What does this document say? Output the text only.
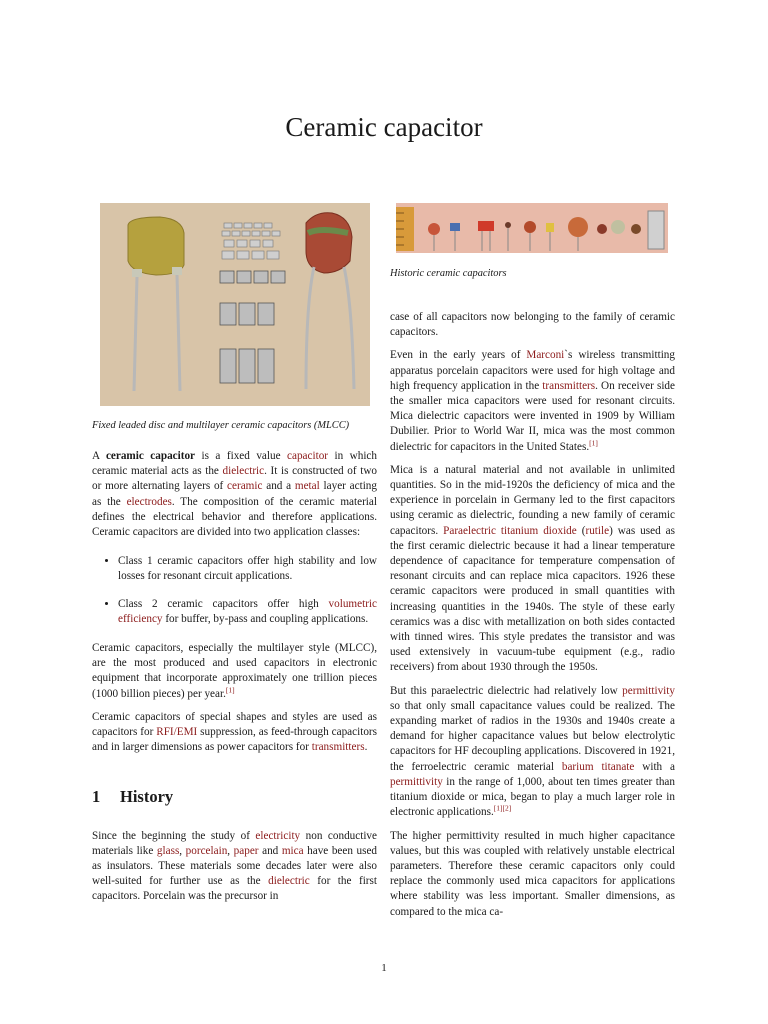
Ceramic capacitor
Fixed leaded disc and multilayer ceramic capacitors (MLCC)

A ceramic capacitor is a fixed value capacitor in which ceramic material acts as the dielectric. It is constructed of two or more alternating layers of ceramic and a metal layer acting as the electrodes. The composition of the ceramic material defines the electrical behavior and therefore applications. Ceramic capacitors are divided into two application classes:

• Class 1 ceramic capacitors offer high stability and low losses for resonant circuit applications.
• Class 2 ceramic capacitors offer high volumetric efficiency for buffer, by-pass and coupling applications.

Ceramic capacitors, especially the multilayer style (MLCC), are the most produced and used capacitors in electronic equipment that incorporate approximately one trillion pieces (1000 billion pieces) per year.[1]

Ceramic capacitors of special shapes and styles are used as capacitors for RFI/EMI suppression, as feed-through capacitors and in larger dimensions as power capacitors for transmitters.

1 History

Since the beginning the study of electricity non conductive materials like glass, porcelain, paper and mica have been used as insulators. These materials some decades later were also well-suited for further use as the dielectric for the first capacitors. Porcelain was the precursor in

Historic ceramic capacitors

case of all capacitors now belonging to the family of ceramic capacitors.

Even in the early years of Marconi`s wireless transmitting apparatus porcelain capacitors were used for high voltage and high frequency application in the transmitters. On receiver side the smaller mica capacitors were used for resonant circuits. Mica dielectric capacitors were invented in 1909 by William Dubilier. Prior to World War II, mica was the most common dielectric for capacitors in the United States.[1]

Mica is a natural material and not available in unlimited quantities. So in the mid-1920s the deficiency of mica and the experience in porcelain in Germany led to the first capacitors using ceramic as dielectric, founding a new family of ceramic capacitors. Paraelectric titanium dioxide (rutile) was used as the first ceramic dielectric because it had a linear temperature dependence of capacitance for temperature compensation of resonant circuits and can replace mica capacitors. 1926 these ceramic capacitors were produced in small quantities with increasing quantities in the 1940s. The style of these early ceramics was a disc with metallization on both sides contacted with tinned wires. This style predates the transistor and was used extensively in vacuum-tube equipment (e.g., radio receivers) from about 1930 through the 1950s.

But this paraelectric dielectric had relatively low permittivity so that only small capacitance values could be realized. The expanding market of radios in the 1930s and 1940s create a demand for higher capacitance values but below electrolytic capacitors for HF decoupling applications. Discovered in 1921, the ferroelectric ceramic material barium titanate with a permittivity in the range of 1,000, about ten times greater than titanium dioxide or mica, began to play a much larger role in electronic applications.[1][2]

The higher permittivity resulted in much higher capacitance values, but this was coupled with relatively unstable electrical parameters. Therefore these ceramic capacitors only could replace the commonly used mica capacitors for applications where stability was less important. Smaller dimensions, as compared to the mica ca-

1
